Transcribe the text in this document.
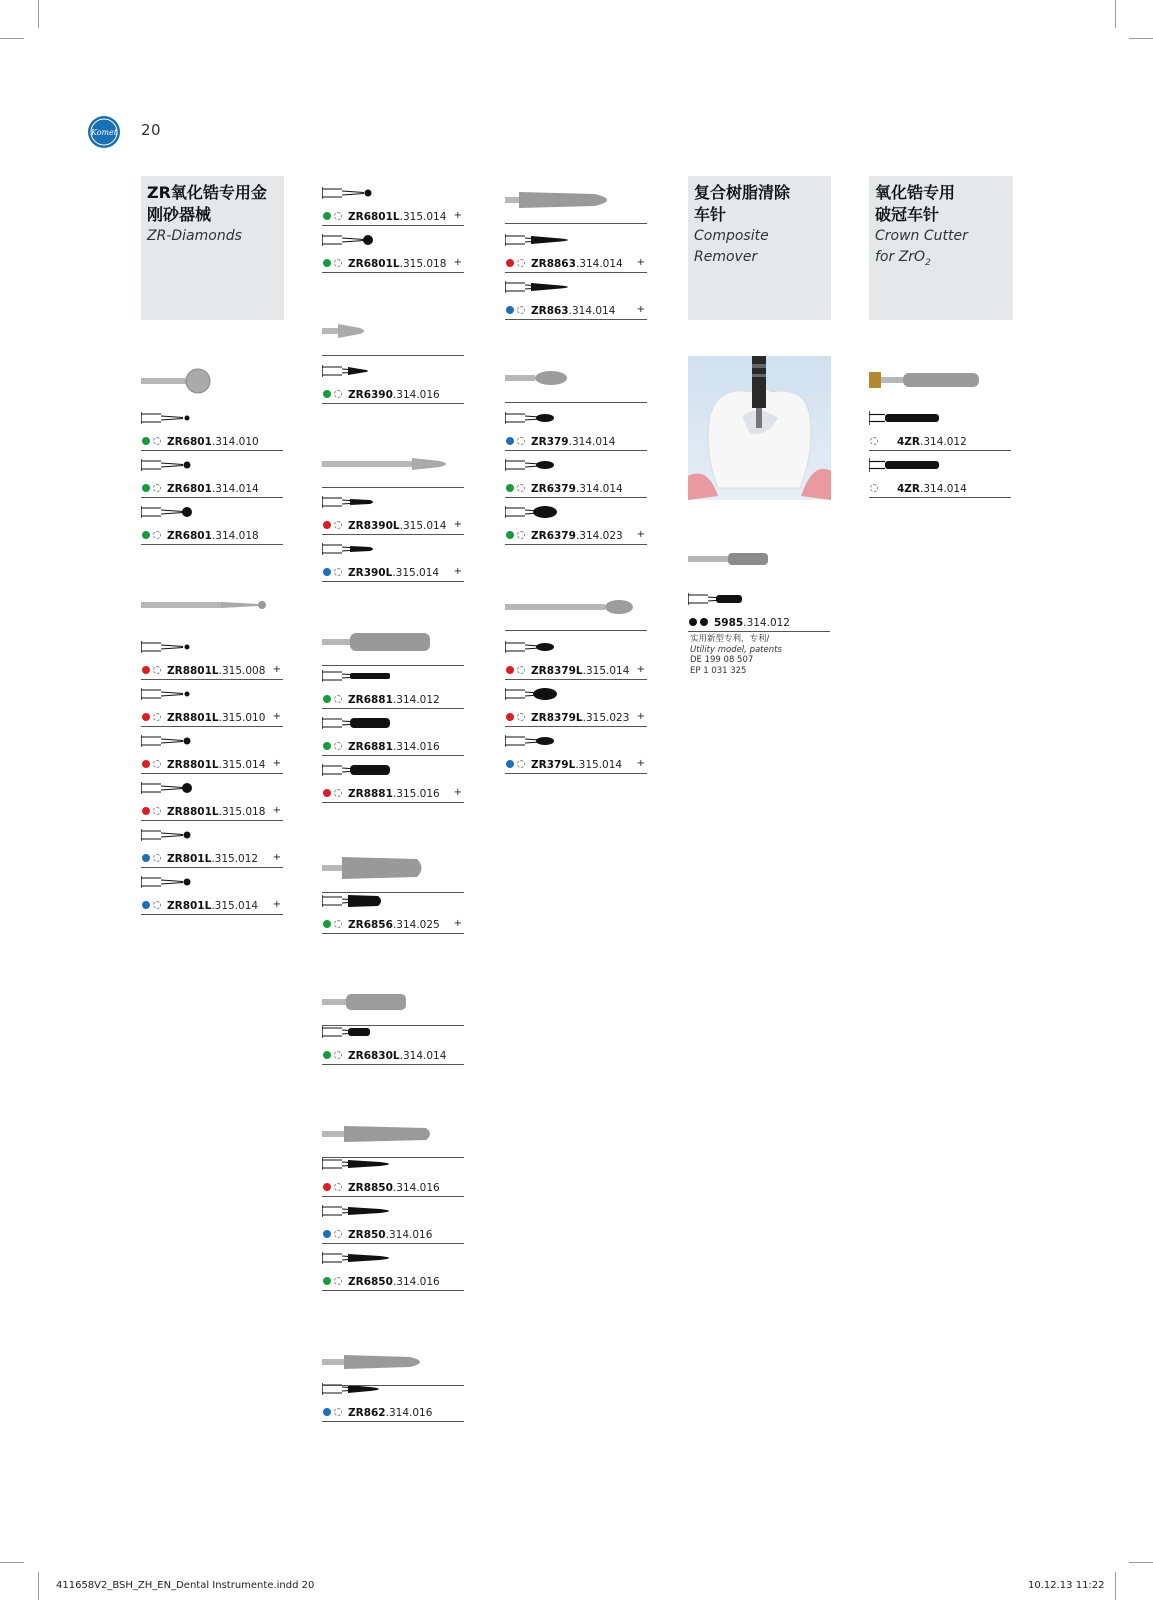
Komet 20
ZR氧化锆专用金
刚砂器械
ZR-Diamonds
复合树脂清除
车针
Composite
Remover
氧化锆专用
破冠车针
Crown Cutter
for ZrO$_2$
ZR6801.314.010
ZR6801.314.014
ZR6801.314.018
ZR8801L.315.008 +
ZR8801L.315.010 +
ZR8801L.315.014 +
ZR8801L.315.018 +
ZR801L.315.012 +
ZR801L.315.014 +
ZR6801L.315.014 +
ZR6801L.315.018 +
ZR6390.314.016
ZR8390L.315.014 +
ZR390L.315.014 +
ZR6881.314.012
ZR6881.314.016
ZR8881.315.016 +
ZR6856.314.025 +
ZR6830L.314.014
ZR8850.314.016
ZR850.314.016
ZR6850.314.016
ZR862.314.016
ZR8863.314.014 +
ZR863.314.014 +
ZR379.314.014
ZR6379.314.014
ZR6379.314.023 +
ZR8379L.315.014 +
ZR8379L.315.023 +
ZR379L.315.014 +
5985.314.012
4ZR.314.012
4ZR.314.014
实用新型专利，专利/
Utility model, patents
DE 199 08 507
EP 1 031 325
411658V2_BSH_ZH_EN_Dental Instrumente.indd 20	10.12.13 11:22
